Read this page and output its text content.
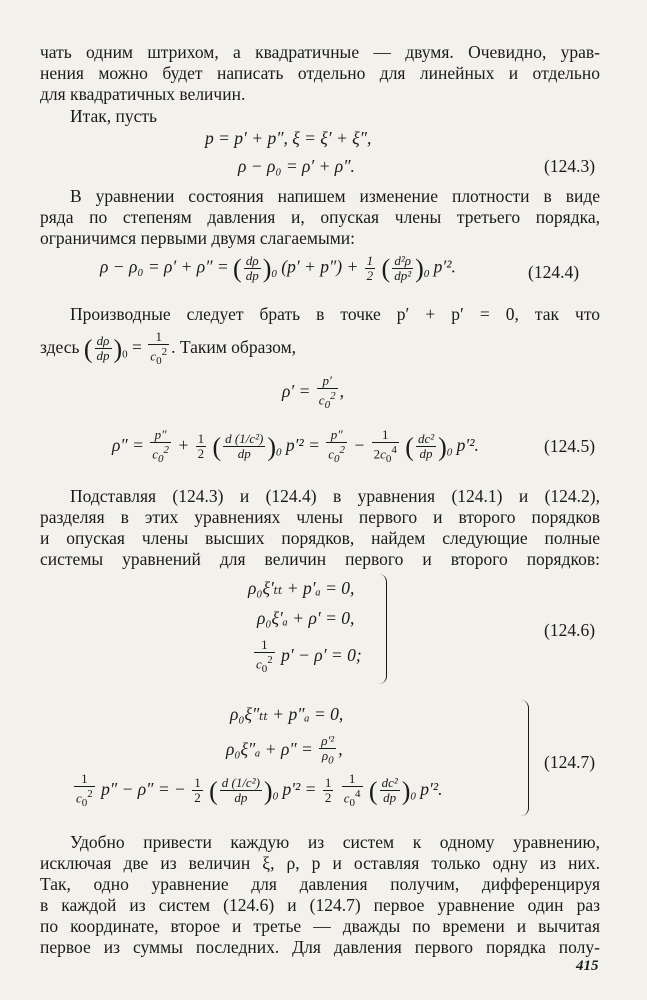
чать одним штрихом, а квадратичные — двумя. Очевидно, урав-
нения можно будет написать отдельно для линейных и отдельно
для квадратичных величин.
Итак, пусть
p = p′ + p″, ξ = ξ′ + ξ″,
ρ − ρ₀ = ρ′ + ρ″.	(124.3)
В уравнении состояния напишем изменение плотности в виде
ряда по степеням давления и, опуская члены третьего порядка,
ограничимся первыми двумя слагаемыми:
ρ − ρ₀ = ρ′ + ρ″ = ( $\frac{d\rho}{dp} )_0$ $(p' + p'') + \frac{1}{2}$ ( $\frac{\text{d²ρ}}{\text{dp²}} )_0$ p′².	(124.4)
Производные следует брать в точке p′ + p′ = 0, так что
здесь ( $\frac{d\rho}{dp} )_0 = \frac{1}{c_0^2}$ . Таким образом,
$\rho' = \frac{p'}{c_0^2}$ ,
$\rho'' = \frac{p''}{c_0^2} + \frac{1}{2}$ ( $\frac{\text{d (1/c²)}}{dp} )_0$ $p'^2 = \frac{p''}{c_0^2} - \frac{1}{2c_0^4}$ ( $\frac{\text{dc²}}{dp} )_0$ p′².	(124.5)
Подставляя (124.3) и (124.4) в уравнения (124.1) и (124.2),
разделяя в этих уравнениях члены первого и второго порядков
и опуская члены высших порядков, найдем следующие полные
системы уравнений для величин первого и второго порядков:
ρ₀ξ′ₜₜ + p′ₐ = 0,
ρ₀ξ′ₐ + ρ′ = 0,
$\frac{1}{c_0^2} p' - \rho' = 0$;
(124.6)
ρ₀ξ″ₜₜ + p″ₐ = 0,
$\rho_0\xi''_a + \rho'' = \frac{\text{ρ′²}}{\rho_0}$ ,
$\frac{1}{c_0^2} p'' - \rho''$ = − $\frac{1}{2}$ ( $\frac{\text{d (1/c²)}}{dp} )_0$ $p'^2 = \frac{1}{2}$
$\frac{1}{c_0^4}$ ( $\frac{\text{dc²}}{dp} )_0$ p′².
(124.7)
Удобно привести каждую из систем к одному уравнению,
исключая две из величин ξ, ρ, p и оставляя только одну из них.
Так, одно уравнение для давления получим, дифференцируя
в каждой из систем (124.6) и (124.7) первое уравнение один раз
по координате, второе и третье — дважды по времени и вычитая
первое из суммы последних. Для давления первого порядка полу-
415
